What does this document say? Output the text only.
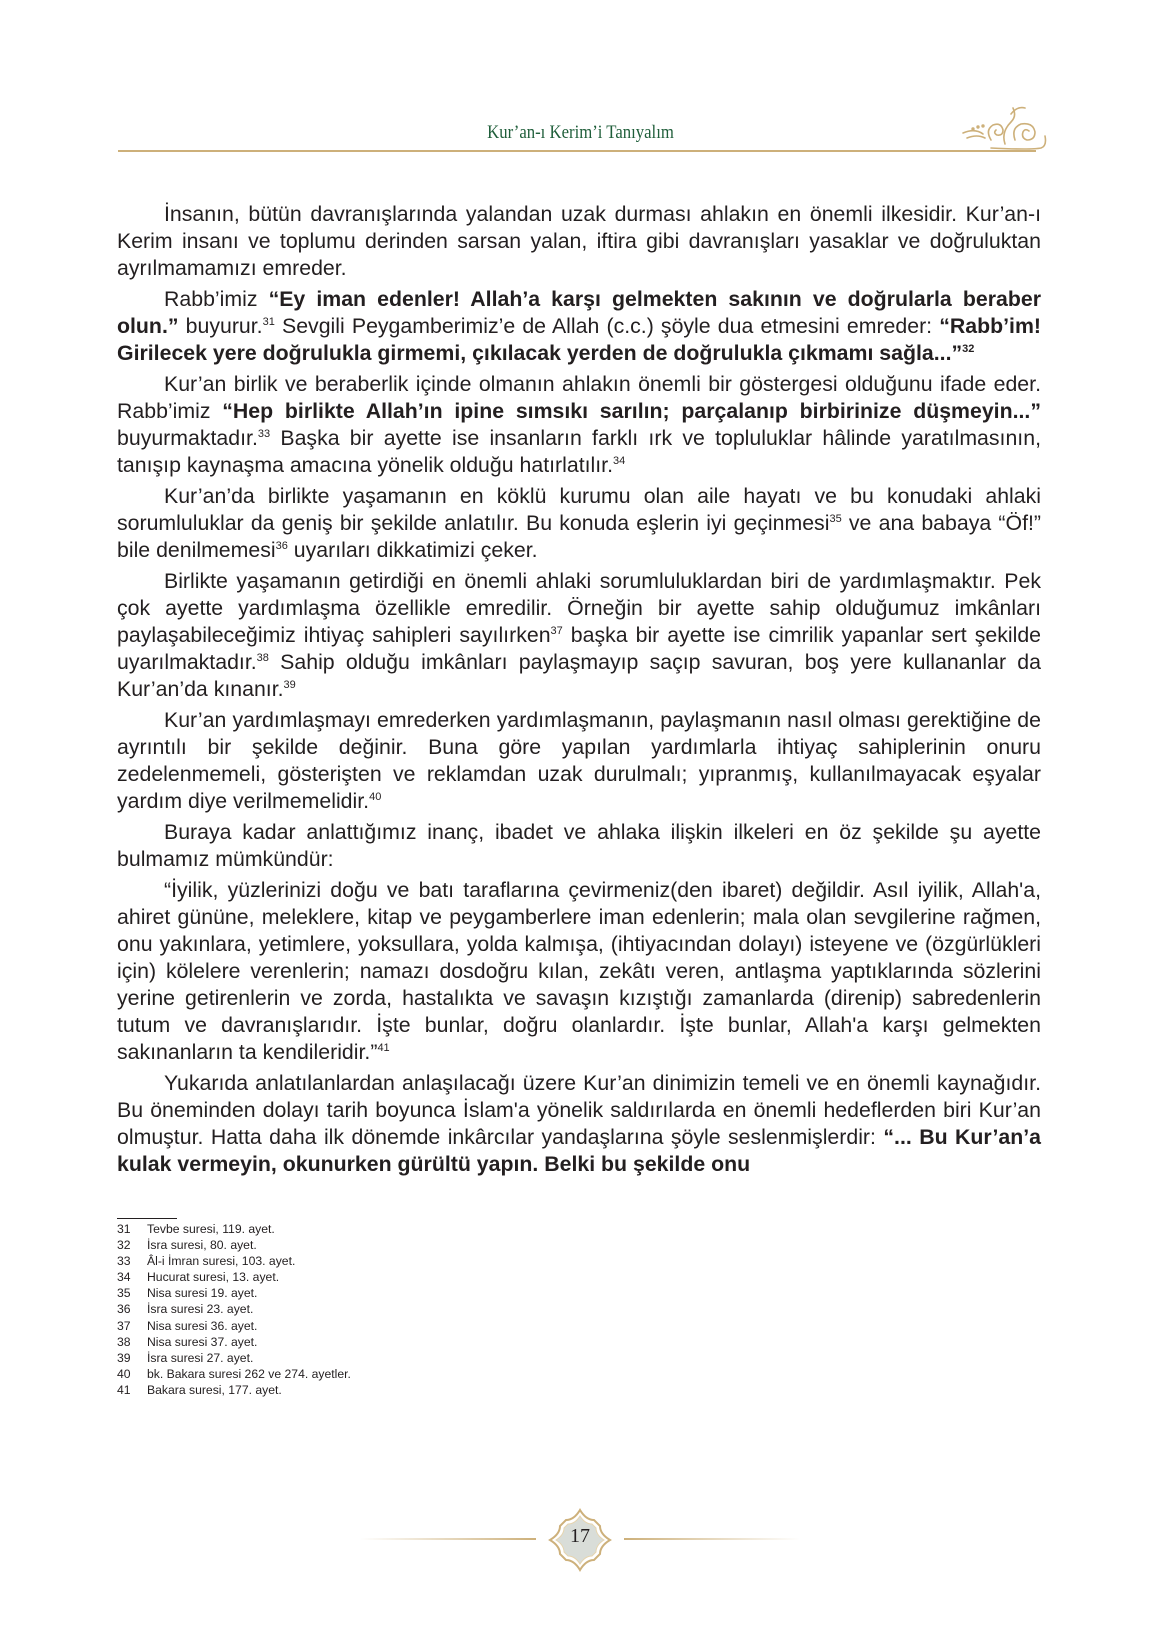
Kur’an-ı Kerim’i Tanıyalım

İnsanın, bütün davranışlarında yalandan uzak durması ahlakın en önemli ilkesidir. Kur’an-ı Kerim insanı ve toplumu derinden sarsan yalan, iftira gibi davranışları yasaklar ve doğruluktan ayrılmamamızı emreder.

Rabb’imiz “Ey iman edenler! Allah’a karşı gelmekten sakının ve doğrularla beraber olun.” buyurur.$^{31}$ Sevgili Peygamberimiz’e de Allah (c.c.) şöyle dua etmesini emreder: “Rabb’im! Girilecek yere doğrulukla girmemi, çıkılacak yerden de doğrulukla çıkmamı sağla...”$^{32}$

Kur’an birlik ve beraberlik içinde olmanın ahlakın önemli bir göstergesi olduğunu ifade eder. Rabb’imiz “Hep birlikte Allah’ın ipine sımsıkı sarılın; parçalanıp birbirinize düşmeyin...” buyurmaktadır.$^{33}$ Başka bir ayette ise insanların farklı ırk ve topluluklar hâlinde yaratılmasının, tanışıp kaynaşma amacına yönelik olduğu hatırlatılır.$^{34}$

Kur’an’da birlikte yaşamanın en köklü kurumu olan aile hayatı ve bu konudaki ahlaki sorumluluklar da geniş bir şekilde anlatılır. Bu konuda eşlerin iyi geçinmesi$^{35}$ ve ana babaya “Öf!” bile denilmemesi$^{36}$ uyarıları dikkatimizi çeker.

Birlikte yaşamanın getirdiği en önemli ahlaki sorumluluklardan biri de yardımlaşmaktır. Pek çok ayette yardımlaşma özellikle emredilir. Örneğin bir ayette sahip olduğumuz imkânları paylaşabileceğimiz ihtiyaç sahipleri sayılırken$^{37}$ başka bir ayette ise cimrilik yapanlar sert şekilde uyarılmaktadır.$^{38}$ Sahip olduğu imkânları paylaşmayıp saçıp savuran, boş yere kullananlar da Kur’an’da kınanır.$^{39}$

Kur’an yardımlaşmayı emrederken yardımlaşmanın, paylaşmanın nasıl olması gerektiğine de ayrıntılı bir şekilde değinir. Buna göre yapılan yardımlarla ihtiyaç sahiplerinin onuru zedelenmemeli, gösterişten ve reklamdan uzak durulmalı; yıpranmış, kullanılmayacak eşyalar yardım diye verilmemelidir.$^{40}$

Buraya kadar anlattığımız inanç, ibadet ve ahlaka ilişkin ilkeleri en öz şekilde şu ayette bulmamız mümkündür:

“İyilik, yüzlerinizi doğu ve batı taraflarına çevirmeniz(den ibaret) değildir. Asıl iyilik, Allah'a, ahiret gününe, meleklere, kitap ve peygamberlere iman edenlerin; mala olan sevgilerine rağmen, onu yakınlara, yetimlere, yoksullara, yolda kalmışa, (ihtiyacından dolayı) isteyene ve (özgürlükleri için) kölelere verenlerin; namazı dosdoğru kılan, zekâtı veren, antlaşma yaptıklarında sözlerini yerine getirenlerin ve zorda, hastalıkta ve savaşın kızıştığı zamanlarda (direnip) sabredenlerin tutum ve davranışlarıdır. İşte bunlar, doğru olanlardır. İşte bunlar, Allah'a karşı gelmekten sakınanların ta kendileridir.”$^{41}$

Yukarıda anlatılanlardan anlaşılacağı üzere Kur’an dinimizin temeli ve en önemli kaynağıdır. Bu öneminden dolayı tarih boyunca İslam'a yönelik saldırılarda en önemli hedeflerden biri Kur’an olmuştur. Hatta daha ilk dönemde inkârcılar yandaşlarına şöyle seslenmişlerdir: “... Bu Kur’an’a kulak vermeyin, okunurken gürültü yapın. Belki bu şekilde onu

31	Tevbe suresi, 119. ayet.
32	İsra suresi, 80. ayet.
33	Âl-i İmran suresi, 103. ayet.
34	Hucurat suresi, 13. ayet.
35	Nisa suresi 19. ayet.
36	İsra suresi 23. ayet.
37	Nisa suresi 36. ayet.
38	Nisa suresi 37. ayet.
39	İsra suresi 27. ayet.
40	bk. Bakara suresi 262 ve 274. ayetler.
41	Bakara suresi, 177. ayet.
17
